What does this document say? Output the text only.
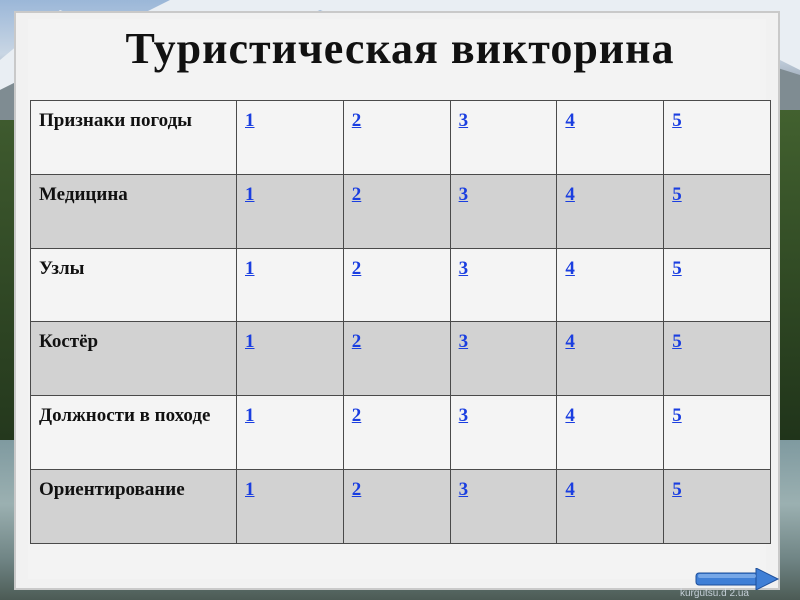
Туристическая викторина
Признаки погоды	1	2	3	4	5
Медицина	1	2	3	4	5
Узлы	1	2	3	4	5
Костёр	1	2	3	4	5
Должности в походе	1	2	3	4	5
Ориентирование	1	2	3	4	5
kurgutsu.d 2.ua
